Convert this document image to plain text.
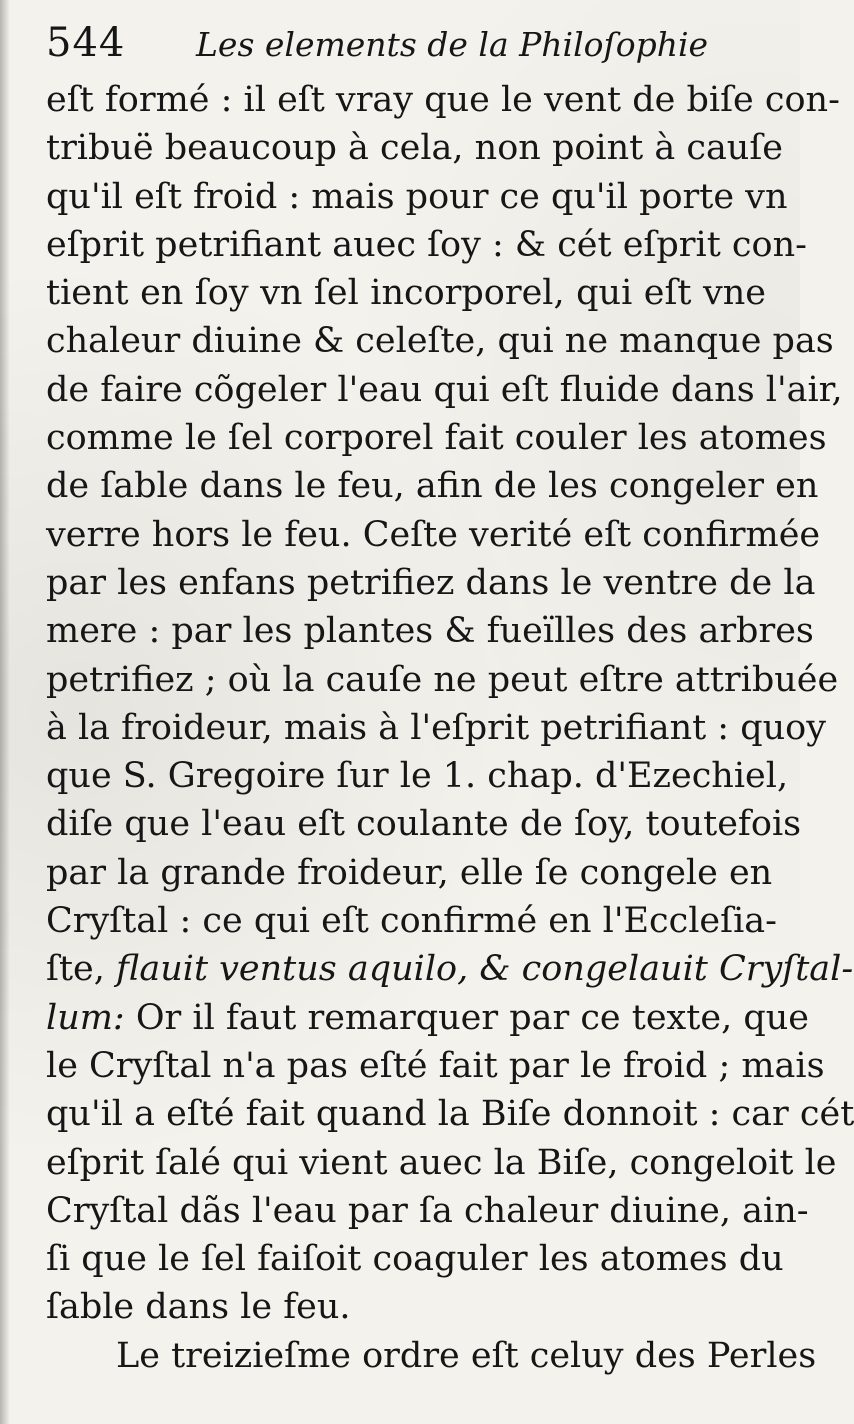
544	Les elements de la Philoſophie
eſt formé : il eſt vray que le vent de biſe con-
tribuë beaucoup à cela, non point à cauſe
qu'il eſt froid : mais pour ce qu'il porte vn
eſprit petrifiant auec ſoy : & cét eſprit con-
tient en ſoy vn ſel incorporel, qui eſt vne
chaleur diuine & celeſte, qui ne manque pas
de faire cõgeler l'eau qui eſt fluide dans l'air,
comme le ſel corporel fait couler les atomes
de ſable dans le feu, afin de les congeler en
verre hors le feu. Ceſte verité eſt confirmée
par les enfans petrifiez dans le ventre de la
mere : par les plantes & fueïlles des arbres
petrifiez ; où la cauſe ne peut eſtre attribuée
à la froideur, mais à l'eſprit petrifiant : quoy
que S. Gregoire ſur le 1. chap. d'Ezechiel,
diſe que l'eau eſt coulante de ſoy, toutefois
par la grande froideur, elle ſe congele en
Cryſtal : ce qui eſt confirmé en l'Eccleſia-
ſte, flauit ventus aquilo, & congelauit Cryſtal-
lum: Or il faut remarquer par ce texte, que
le Cryſtal n'a pas eſté fait par le froid ; mais
qu'il a eſté fait quand la Biſe donnoit : car cét
eſprit ſalé qui vient auec la Biſe, congeloit le
Cryſtal dãs l'eau par ſa chaleur diuine, ain-
ſi que le ſel faiſoit coaguler les atomes du
ſable dans le feu.
Le treizieſme ordre eſt celuy des Perles
